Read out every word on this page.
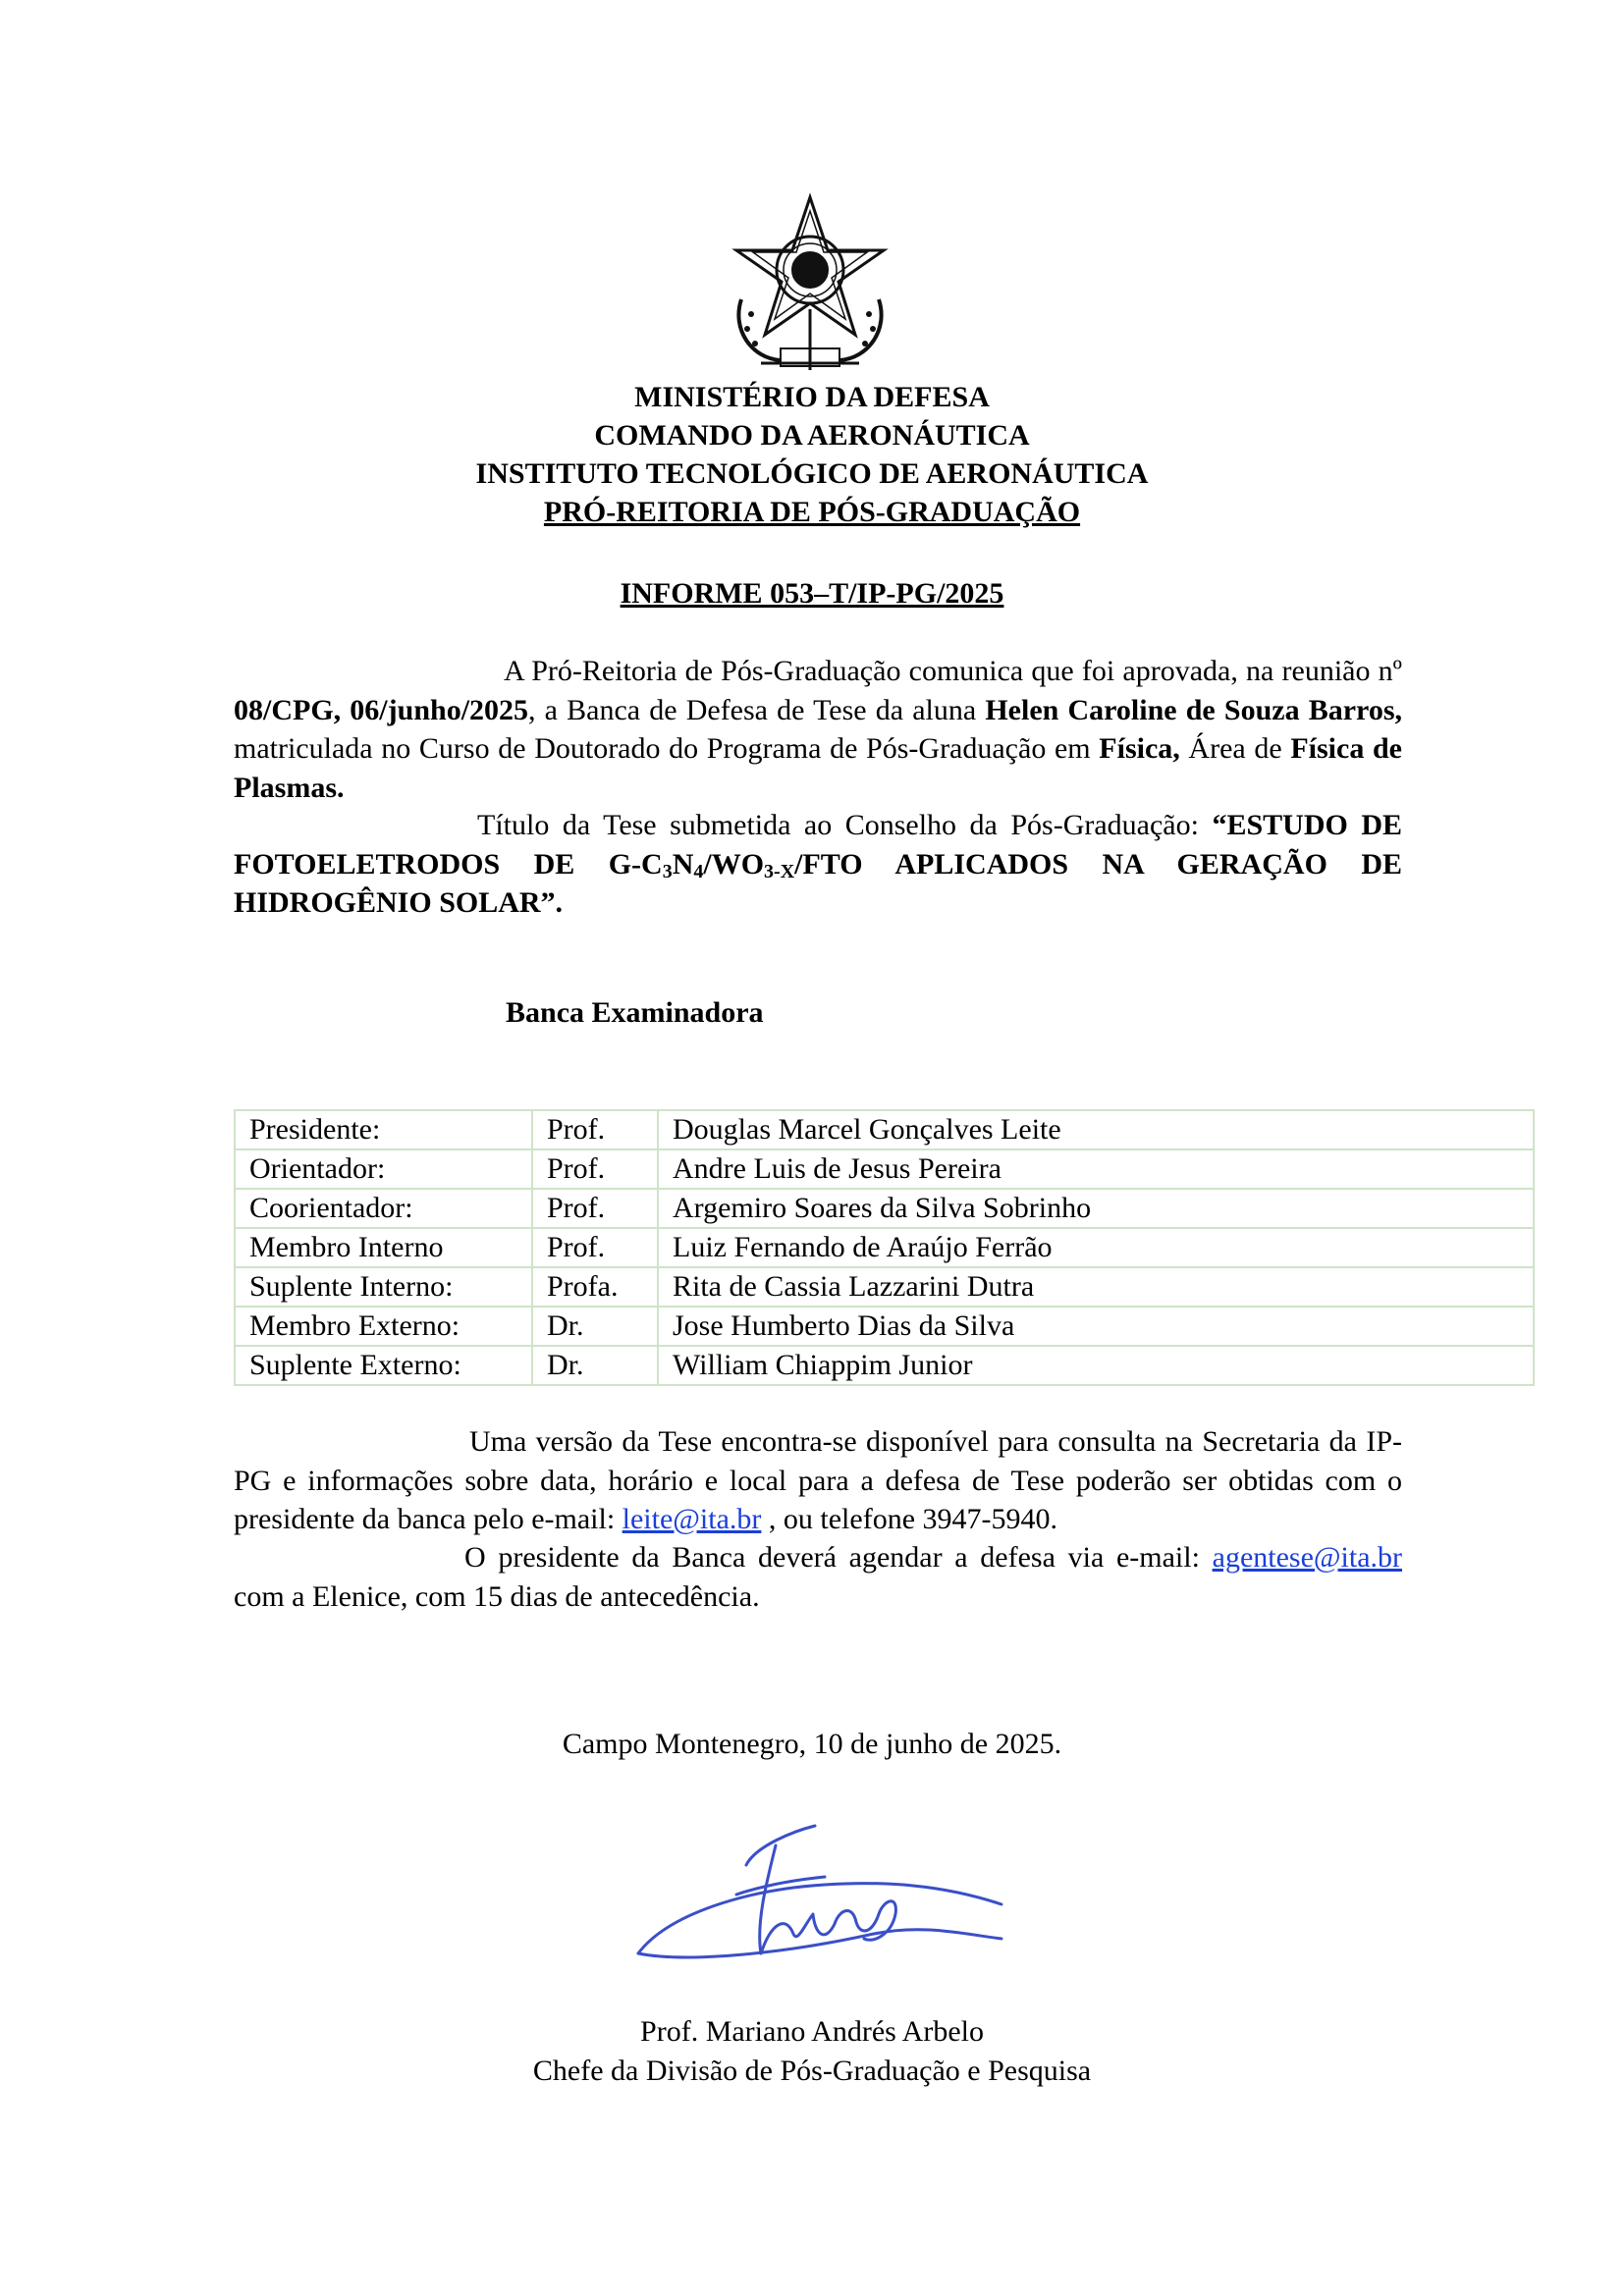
MINISTÉRIO DA DEFESA
COMANDO DA AERONÁUTICA
INSTITUTO TECNOLÓGICO DE AERONÁUTICA
PRÓ-REITORIA DE PÓS-GRADUAÇÃO
INFORME 053–T/IP-PG/2025
A Pró-Reitoria de Pós-Graduação comunica que foi aprovada, na reunião nº 08/CPG, 06/junho/2025, a Banca de Defesa de Tese da aluna Helen Caroline de Souza Barros, matriculada no Curso de Doutorado do Programa de Pós-Graduação em Física, Área de Física de Plasmas.
Título da Tese submetida ao Conselho da Pós-Graduação: “ESTUDO DE FOTOELETRODOS DE $G-C_3N_4/WO_{3-X}$/FTO APLICADOS NA GERAÇÃO DE HIDROGÊNIO SOLAR”.
Banca Examinadora
Presidente:	Prof.	Douglas Marcel Gonçalves Leite
Orientador:	Prof.	Andre Luis de Jesus Pereira
Coorientador:	Prof.	Argemiro Soares da Silva Sobrinho
Membro Interno	Prof.	Luiz Fernando de Araújo Ferrão
Suplente Interno:	Profa.	Rita de Cassia Lazzarini Dutra
Membro Externo:	Dr.	Jose Humberto Dias da Silva
Suplente Externo:	Dr.	William Chiappim Junior
Uma versão da Tese encontra-se disponível para consulta na Secretaria da IP-PG e informações sobre data, horário e local para a defesa de Tese poderão ser obtidas com o presidente da banca pelo e-mail: leite@ita.br , ou telefone 3947-5940.
O presidente da Banca deverá agendar a defesa via e-mail: agentese@ita.br com a Elenice, com 15 dias de antecedência.
Campo Montenegro, 10 de junho de 2025.
Prof. Mariano Andrés Arbelo
Chefe da Divisão de Pós-Graduação e Pesquisa
